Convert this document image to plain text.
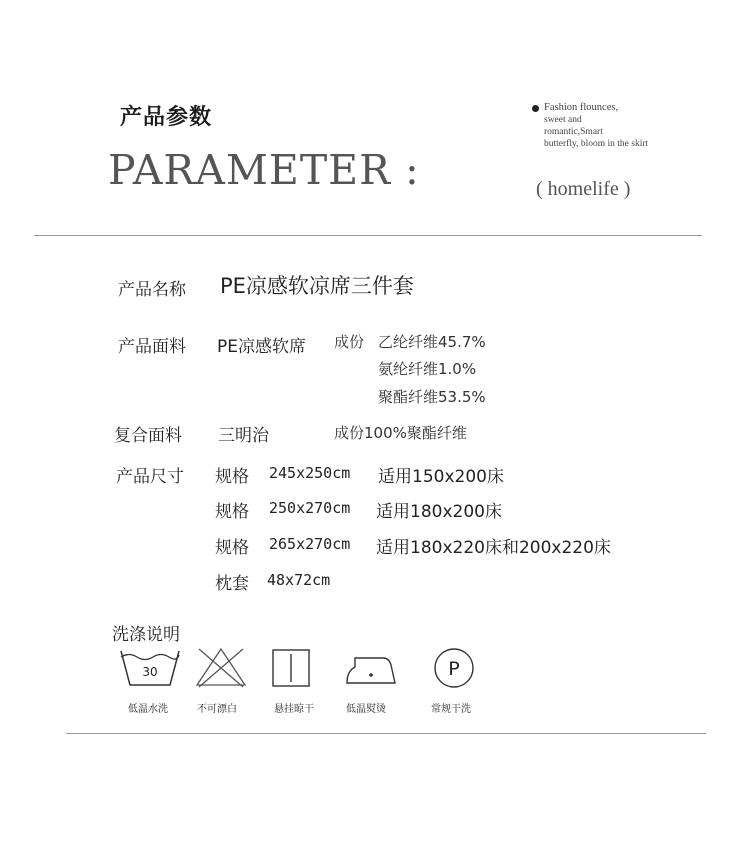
产品参数
PARAMETER :
Fashion flounces,
sweet and
romantic,Smart
butterfly, bloom in the skirt
( homelife )
产品名称 PE凉感软凉席三件套
产品面料 PE凉感软席 成份 乙纶纤维45.7%
氨纶纤维1.0%
聚酯纤维53.5%
复合面料 三明治	成份100%聚酯纤维
产品尺寸 规格 245x250cm 适用150x200床
规格 250x270cm 适用180x200床
规格 265x270cm 适用180x220床和200x220床
枕套 48x72cm
洗涤说明
30	P
低温水洗	不可漂白	悬挂晾干	低温熨烫	常规干洗
